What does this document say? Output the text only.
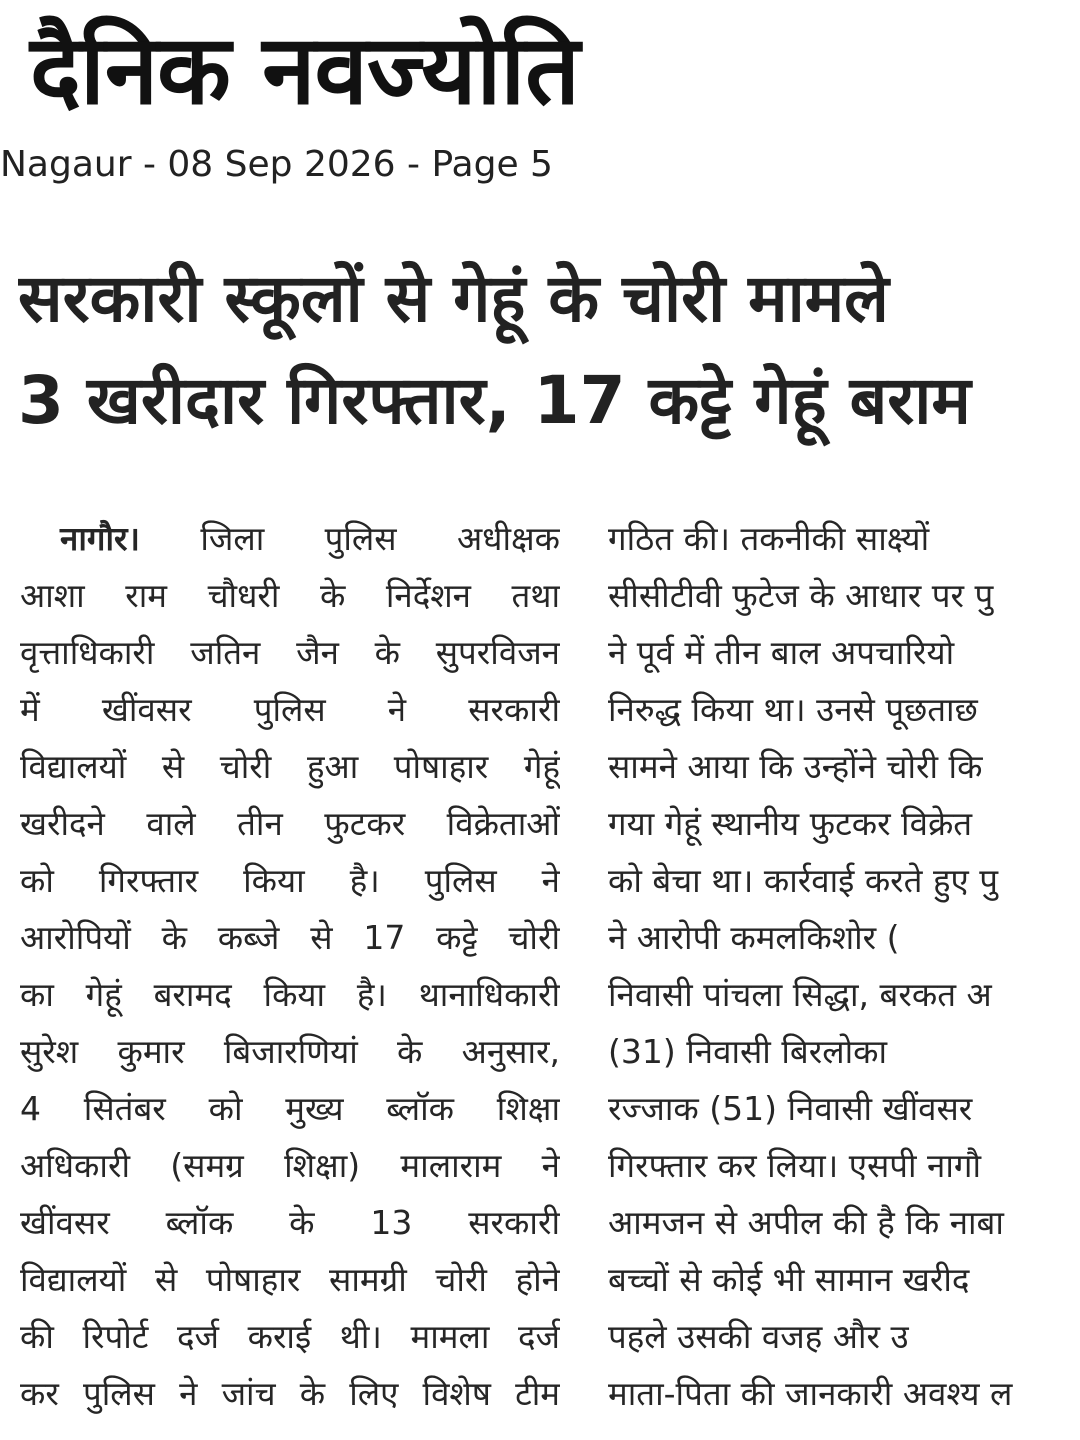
दैनिक नवज्योति
Nagaur - 08 Sep 2026 - Page 5
सरकारी स्कूलों से गेहूं के चोरी मामले
3 खरीदार गिरफ्तार, 17 कट्टे गेहूं बराम
नागौर। जिला पुलिस अधीक्षक
आशा राम चौधरी के निर्देशन तथा
वृत्ताधिकारी जतिन जैन के सुपरविजन
में खींवसर पुलिस ने सरकारी
विद्यालयों से चोरी हुआ पोषाहार गेहूं
खरीदने वाले तीन फुटकर विक्रेताओं
को गिरफ्तार किया है। पुलिस ने
आरोपियों के कब्जे से 17 कट्टे चोरी
का गेहूं बरामद किया है। थानाधिकारी
सुरेश कुमार बिजारणियां के अनुसार,
4 सितंबर को मुख्य ब्लॉक शिक्षा
अधिकारी (समग्र शिक्षा) मालाराम ने
खींवसर ब्लॉक के 13 सरकारी
विद्यालयों से पोषाहार सामग्री चोरी होने
की रिपोर्ट दर्ज कराई थी। मामला दर्ज
कर पुलिस ने जांच के लिए विशेष टीम
गठित की। तकनीकी साक्ष्यों
सीसीटीवी फुटेज के आधार पर पु
ने पूर्व में तीन बाल अपचारियो
निरुद्ध किया था। उनसे पूछताछ
सामने आया कि उन्होंने चोरी कि
गया गेहूं स्थानीय फुटकर विक्रेत
को बेचा था। कार्रवाई करते हुए पु
ने आरोपी कमलकिशोर (
निवासी पांचला सिद्धा, बरकत अ
(31) निवासी बिरलोका
रज्जाक (51) निवासी खींवसर
गिरफ्तार कर लिया। एसपी नागौ
आमजन से अपील की है कि नाबा
बच्चों से कोई भी सामान खरीद
पहले उसकी वजह और उ
माता-पिता की जानकारी अवश्य ल
